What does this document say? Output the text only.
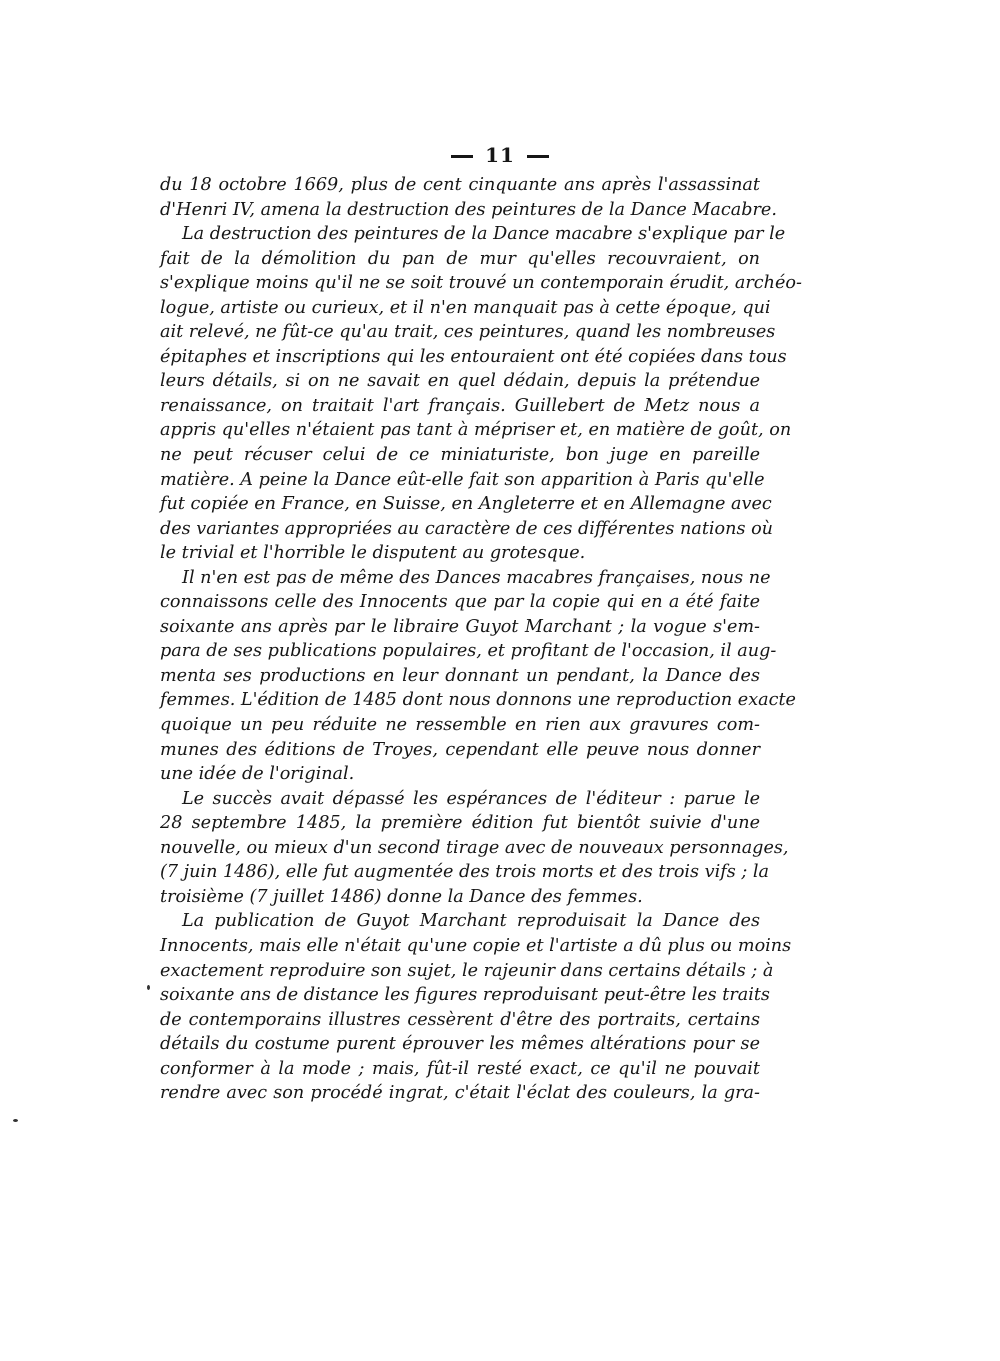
11
du 18 octobre 1669, plus de cent cinquante ans après l'assassinat
d'Henri IV, amena la destruction des peintures de la Dance Macabre.
La destruction des peintures de la Dance macabre s'explique par le
fait de la démolition du pan de mur qu'elles recouvraient, on
s'explique moins qu'il ne se soit trouvé un contemporain érudit, archéo-
logue, artiste ou curieux, et il n'en manquait pas à cette époque, qui
ait relevé, ne fût-ce qu'au trait, ces peintures, quand les nombreuses
épitaphes et inscriptions qui les entouraient ont été copiées dans tous
leurs détails, si on ne savait en quel dédain, depuis la prétendue
renaissance, on traitait l'art français. Guillebert de Metz nous a
appris qu'elles n'étaient pas tant à mépriser et, en matière de goût, on
ne peut récuser celui de ce miniaturiste, bon juge en pareille
matière. A peine la Dance eût-elle fait son apparition à Paris qu'elle
fut copiée en France, en Suisse, en Angleterre et en Allemagne avec
des variantes appropriées au caractère de ces différentes nations où
le trivial et l'horrible le disputent au grotesque.
Il n'en est pas de même des Dances macabres françaises, nous ne
connaissons celle des Innocents que par la copie qui en a été faite
soixante ans après par le libraire Guyot Marchant ; la vogue s'em-
para de ses publications populaires, et profitant de l'occasion, il aug-
menta ses productions en leur donnant un pendant, la Dance des
femmes. L'édition de 1485 dont nous donnons une reproduction exacte
quoique un peu réduite ne ressemble en rien aux gravures com-
munes des éditions de Troyes, cependant elle peuve nous donner
une idée de l'original.
Le succès avait dépassé les espérances de l'éditeur : parue le
28 septembre 1485, la première édition fut bientôt suivie d'une
nouvelle, ou mieux d'un second tirage avec de nouveaux personnages,
(7 juin 1486), elle fut augmentée des trois morts et des trois vifs ; la
troisième (7 juillet 1486) donne la Dance des femmes.
La publication de Guyot Marchant reproduisait la Dance des
Innocents, mais elle n'était qu'une copie et l'artiste a dû plus ou moins
exactement reproduire son sujet, le rajeunir dans certains détails ; à
soixante ans de distance les figures reproduisant peut-être les traits
de contemporains illustres cessèrent d'être des portraits, certains
détails du costume purent éprouver les mêmes altérations pour se
conformer à la mode ; mais, fût-il resté exact, ce qu'il ne pouvait
rendre avec son procédé ingrat, c'était l'éclat des couleurs, la gra-
